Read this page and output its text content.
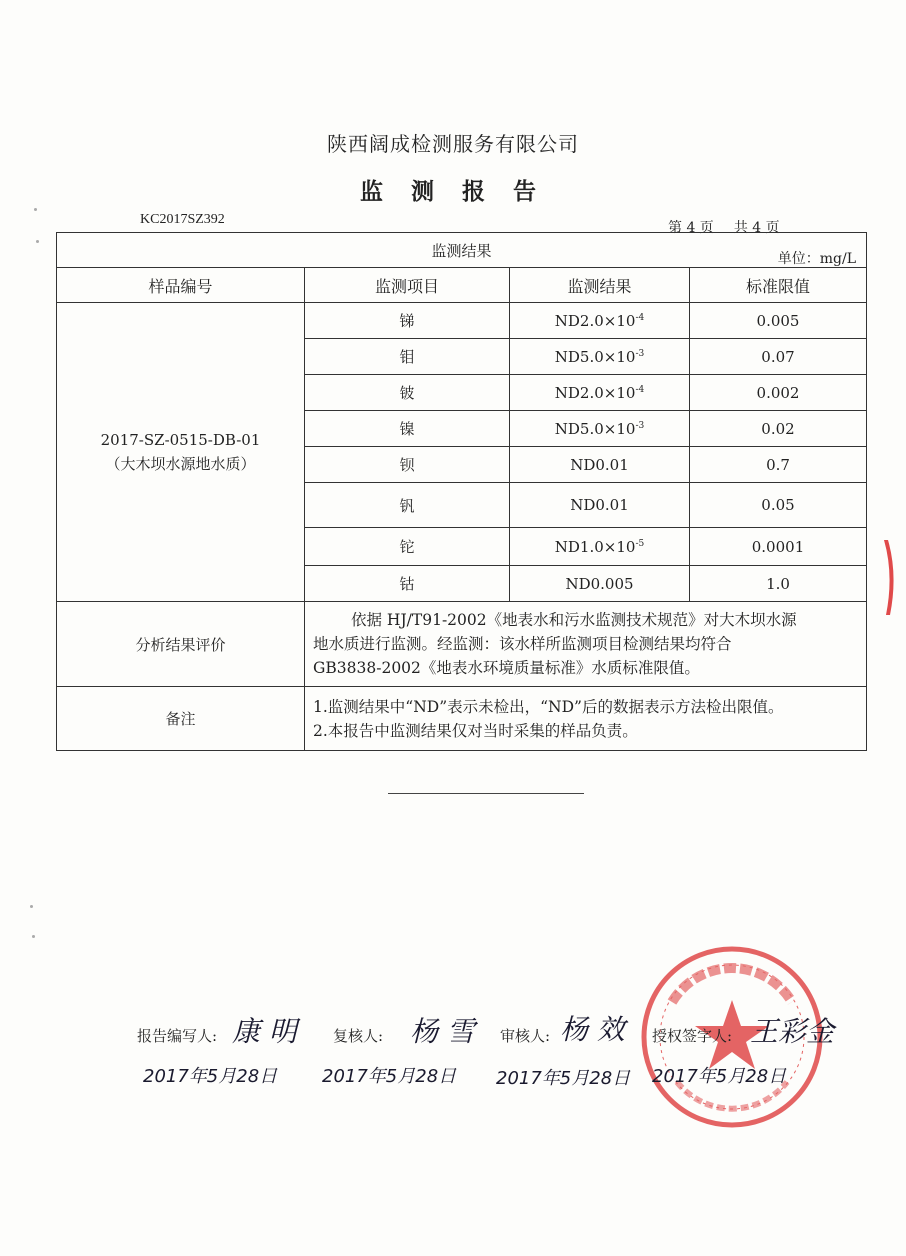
陕西阔成检测服务有限公司
监 测 报 告
KC2017SZ392
第 4 页 共 4 页
监测结果 单位：mg/L			

样品编号	监测项目	监测结果	标准限值

2017-SZ-0515-DB-01
（大木坝水源地水质）	锑	$ND2.0\times 10^{-4}$	0.005
	钼	$ND5.0\times 10^{-3}$	0.07
	铍	$ND2.0\times 10^{-4}$	0.002
	镍	$ND5.0\times 10^{-3}$	0.02
	钡	ND0.01	0.7
	钒	ND0.01	0.05
	铊	$ND1.0\times 10^{-5}$	0.0001
	钴	ND0.005	1.0
分析结果评价	依据 HJ/T91-2002《地表水和污水监测技术规范》对大木坝水源
地水质进行监测。经监测：该水样所监测项目检测结果均符合
GB3838-2002《地表水环境质量标准》水质标准限值。		

备注	1.监测结果中“ND”表示未检出，“ND”后的数据表示方法检出限值。
2.本报告中监测结果仅对当时采集的样品负责。		
报告编写人: 康 明 复核人: 杨 雪 审核人: 杨 效 授权签字人: 王彩金
2017年5月28日 2017年5月28日 2017年5月28日 2017年5月28日
